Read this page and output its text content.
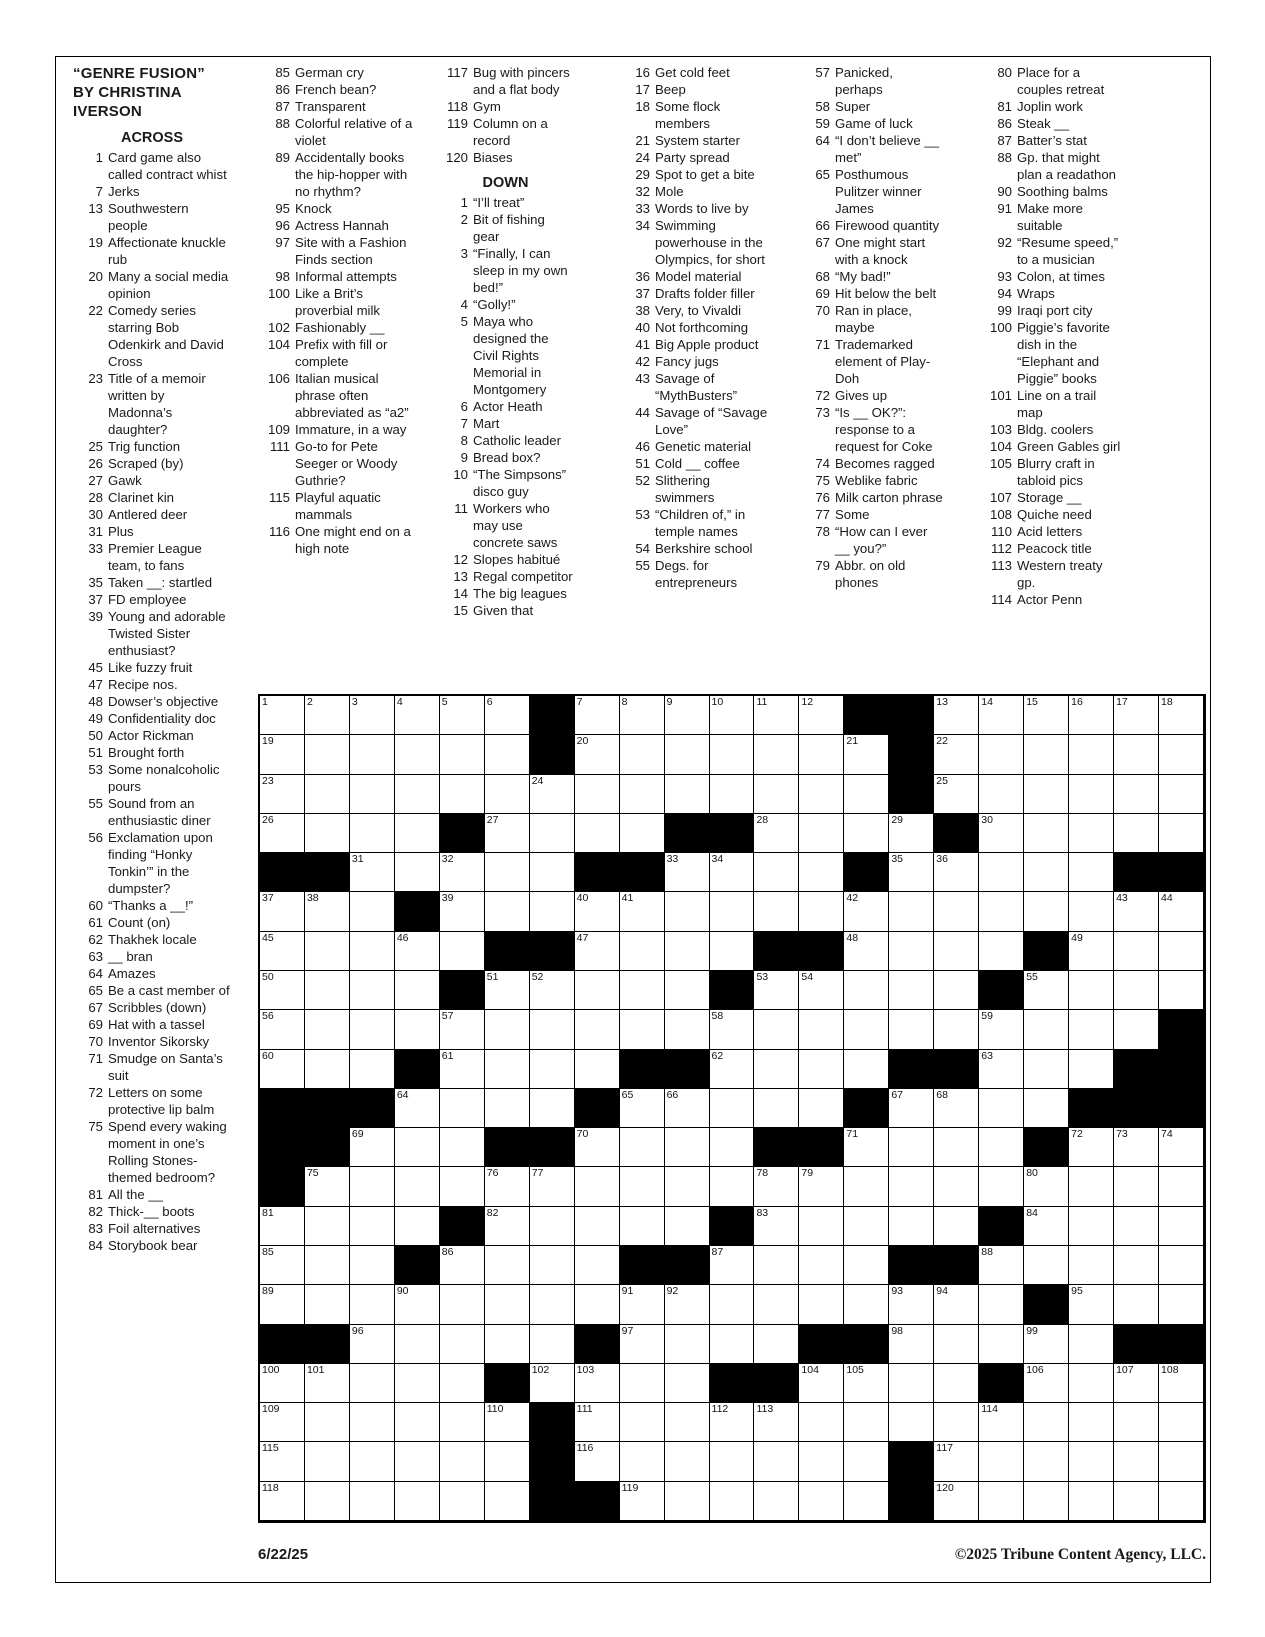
“GENRE FUSION”
BY CHRISTINA
IVERSON
ACROSS
1 Card game also called contract whist
7 Jerks
13 Southwestern people
19 Affectionate knuckle rub
20 Many a social media opinion
22 Comedy series starring Bob Odenkirk and David Cross
23 Title of a memoir written by Madonna’s daughter?
25 Trig function
26 Scraped (by)
27 Gawk
28 Clarinet kin
30 Antlered deer
31 Plus
33 Premier League team, to fans
35 Taken __: startled
37 FD employee
39 Young and adorable Twisted Sister enthusiast?
45 Like fuzzy fruit
47 Recipe nos.
48 Dowser’s objective
49 Confidentiality doc
50 Actor Rickman
51 Brought forth
53 Some nonalcoholic pours
55 Sound from an enthusiastic diner
56 Exclamation upon finding “Honky Tonkin’” in the dumpster?
60 “Thanks a __!”
61 Count (on)
62 Thakhek locale
63 __ bran
64 Amazes
65 Be a cast member of
67 Scribbles (down)
69 Hat with a tassel
70 Inventor Sikorsky
71 Smudge on Santa’s suit
72 Letters on some protective lip balm
75 Spend every waking moment in one’s Rolling Stones-themed bedroom?
81 All the __
82 Thick-__ boots
83 Foil alternatives
84 Storybook bear
85 German cry
86 French bean?
87 Transparent
88 Colorful relative of a violet
89 Accidentally books the hip-hopper with no rhythm?
95 Knock
96 Actress Hannah
97 Site with a Fashion Finds section
98 Informal attempts
100 Like a Brit’s proverbial milk
102 Fashionably __
104 Prefix with fill or complete
106 Italian musical phrase often abbreviated as “a2”
109 Immature, in a way
111 Go-to for Pete Seeger or Woody Guthrie?
115 Playful aquatic mammals
116 One might end on a high note
117 Bug with pincers and a flat body
118 Gym
119 Column on a record
120 Biases
DOWN
1 “I’ll treat”
2 Bit of fishing gear
3 “Finally, I can sleep in my own bed!”
4 “Golly!”
5 Maya who designed the Civil Rights Memorial in Montgomery
6 Actor Heath
7 Mart
8 Catholic leader
9 Bread box?
10 “The Simpsons” disco guy
11 Workers who may use concrete saws
12 Slopes habitué
13 Regal competitor
14 The big leagues
15 Given that
16 Get cold feet
17 Beep
18 Some flock members
21 System starter
24 Party spread
29 Spot to get a bite
32 Mole
33 Words to live by
34 Swimming powerhouse in the Olympics, for short
36 Model material
37 Drafts folder filler
38 Very, to Vivaldi
40 Not forthcoming
41 Big Apple product
42 Fancy jugs
43 Savage of “MythBusters”
44 Savage of “Savage Love”
46 Genetic material
51 Cold __ coffee
52 Slithering swimmers
53 “Children of,” in temple names
54 Berkshire school
55 Degs. for entrepreneurs
57 Panicked, perhaps
58 Super
59 Game of luck
64 “I don’t believe __ met”
65 Posthumous Pulitzer winner James
66 Firewood quantity
67 One might start with a knock
68 “My bad!”
69 Hit below the belt
70 Ran in place, maybe
71 Trademarked element of Play-Doh
72 Gives up
73 “Is __ OK?”: response to a request for Coke
74 Becomes ragged
75 Weblike fabric
76 Milk carton phrase
77 Some
78 “How can I ever __ you?”
79 Abbr. on old phones
80 Place for a couples retreat
81 Joplin work
86 Steak __
87 Batter’s stat
88 Gp. that might plan a readathon
90 Soothing balms
91 Make more suitable
92 “Resume speed,” to a musician
93 Colon, at times
94 Wraps
99 Iraqi port city
100 Piggie’s favorite dish in the “Elephant and Piggie” books
101 Line on a trail map
103 Bldg. coolers
104 Green Gables girl
105 Blurry craft in tabloid pics
107 Storage __
108 Quiche need
110 Acid letters
112 Peacock title
113 Western treaty gp.
114 Actor Penn
1	2	3	4	5	6	7	8	9	10	11	12	13	14	15	16	17	18
19	20	21	22
23	24	25
26	27	28	29	30
31	32	33	34	35	36
37	38	39	40	41	42	43	44
45	46	47	48	49
50	51	52	53	54	55
56	57	58	59
60	61	62	63
64	65	66	67	68
69	70	71	72	73	74
75	76	77	78	79	80
81	82	83	84
85	86	87	88
89	90	91	92	93	94	95
96	97	98	99
100	101	102	103	104	105	106	107	108
109	110	111	112	113	114
115	116	117
118	119	120
6/22/25	©2025 Tribune Content Agency, LLC.
